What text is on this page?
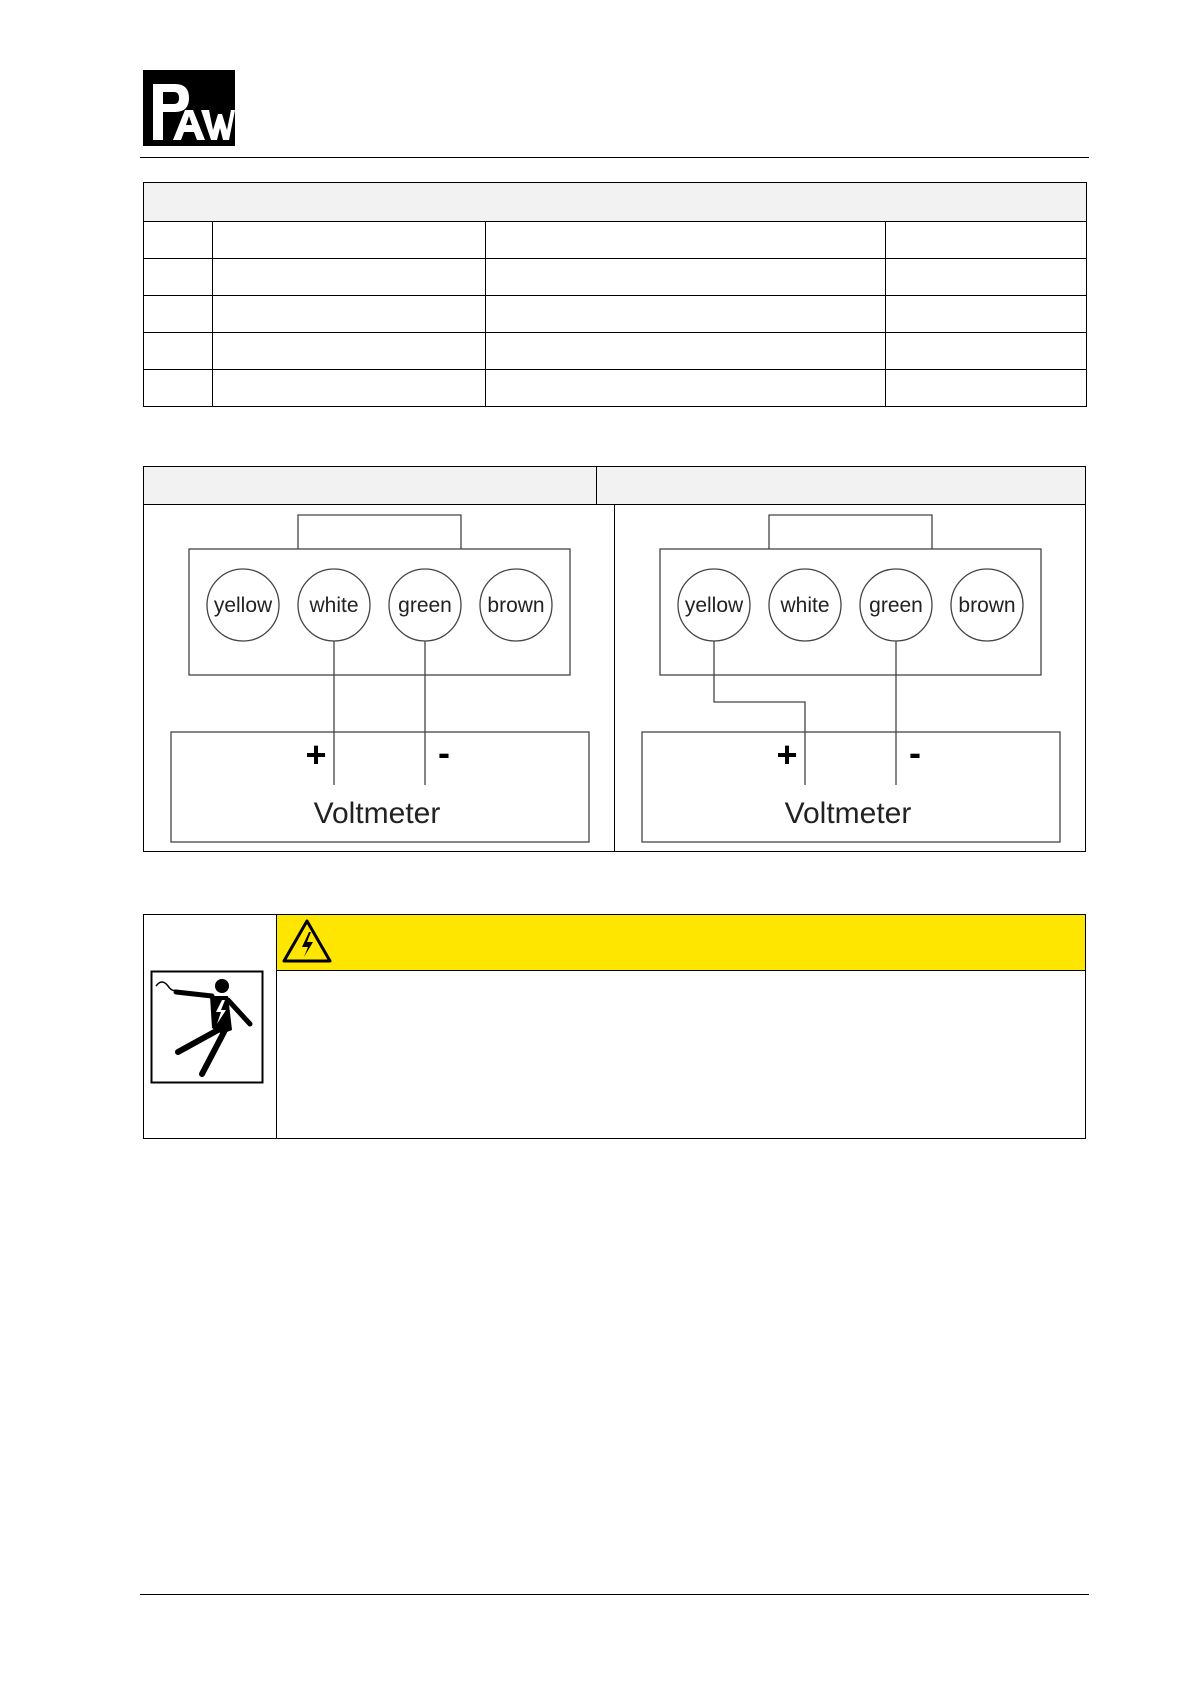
yellow white green brown
+	-
Voltmeter
yellow white green brown
+	-
Voltmeter
